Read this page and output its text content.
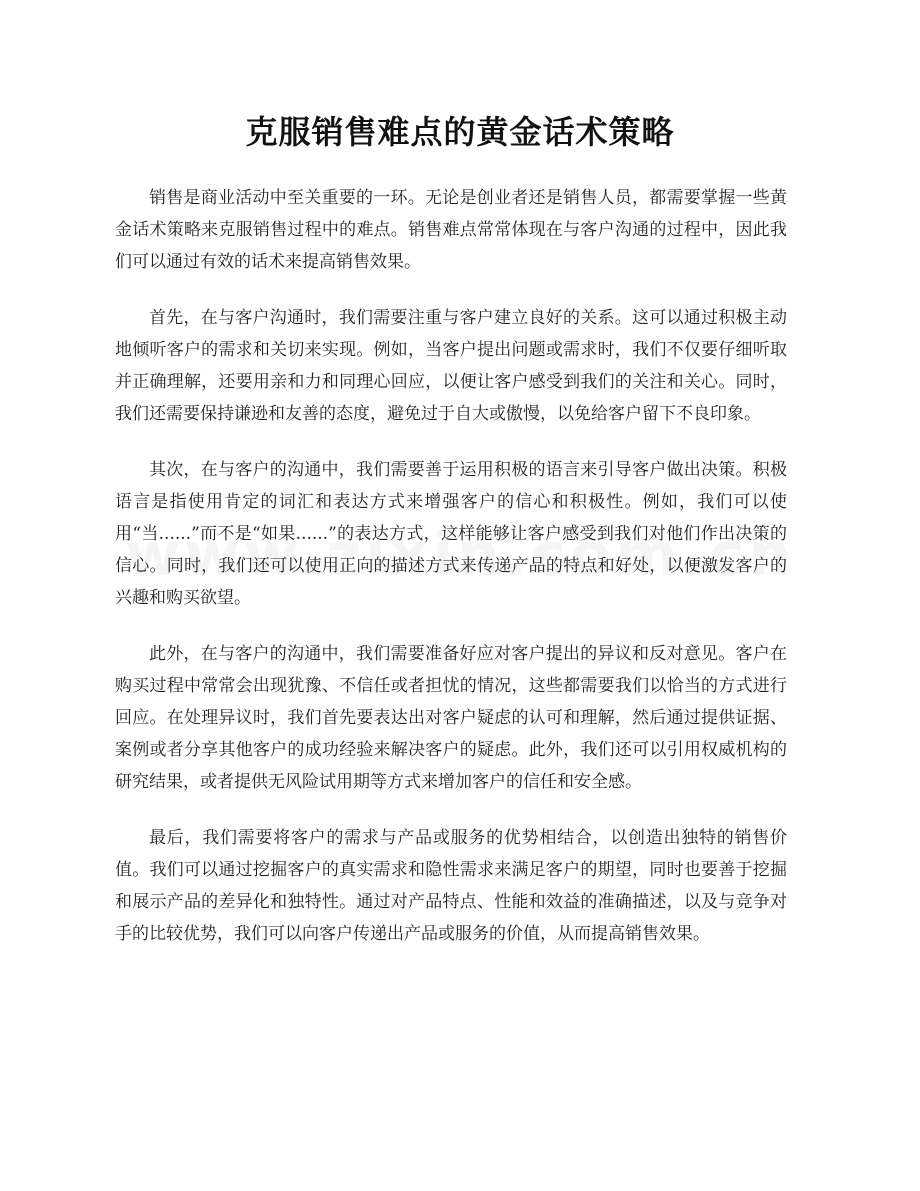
克服销售难点的黄金话术策略

销售是商业活动中至关重要的一环。无论是创业者还是销售人员，都需要掌握一些黄金话术策略来克服销售过程中的难点。销售难点常常体现在与客户沟通的过程中，因此我们可以通过有效的话术来提高销售效果。

首先，在与客户沟通时，我们需要注重与客户建立良好的关系。这可以通过积极主动地倾听客户的需求和关切来实现。例如，当客户提出问题或需求时，我们不仅要仔细听取并正确理解，还要用亲和力和同理心回应，以便让客户感受到我们的关注和关心。同时，我们还需要保持谦逊和友善的态度，避免过于自大或傲慢，以免给客户留下不良印象。

其次，在与客户的沟通中，我们需要善于运用积极的语言来引导客户做出决策。积极语言是指使用肯定的词汇和表达方式来增强客户的信心和积极性。例如，我们可以使用“当......”而不是“如果......”的表达方式，这样能够让客户感受到我们对他们作出决策的信心。同时，我们还可以使用正向的描述方式来传递产品的特点和好处，以便激发客户的兴趣和购买欲望。

此外，在与客户的沟通中，我们需要准备好应对客户提出的异议和反对意见。客户在购买过程中常常会出现犹豫、不信任或者担忧的情况，这些都需要我们以恰当的方式进行回应。在处理异议时，我们首先要表达出对客户疑虑的认可和理解，然后通过提供证据、案例或者分享其他客户的成功经验来解决客户的疑虑。此外，我们还可以引用权威机构的研究结果，或者提供无风险试用期等方式来增加客户的信任和安全感。

最后，我们需要将客户的需求与产品或服务的优势相结合，以创造出独特的销售价值。我们可以通过挖掘客户的真实需求和隐性需求来满足客户的期望，同时也要善于挖掘和展示产品的差异化和独特性。通过对产品特点、性能和效益的准确描述，以及与竞争对手的比较优势，我们可以向客户传递出产品或服务的价值，从而提高销售效果。
